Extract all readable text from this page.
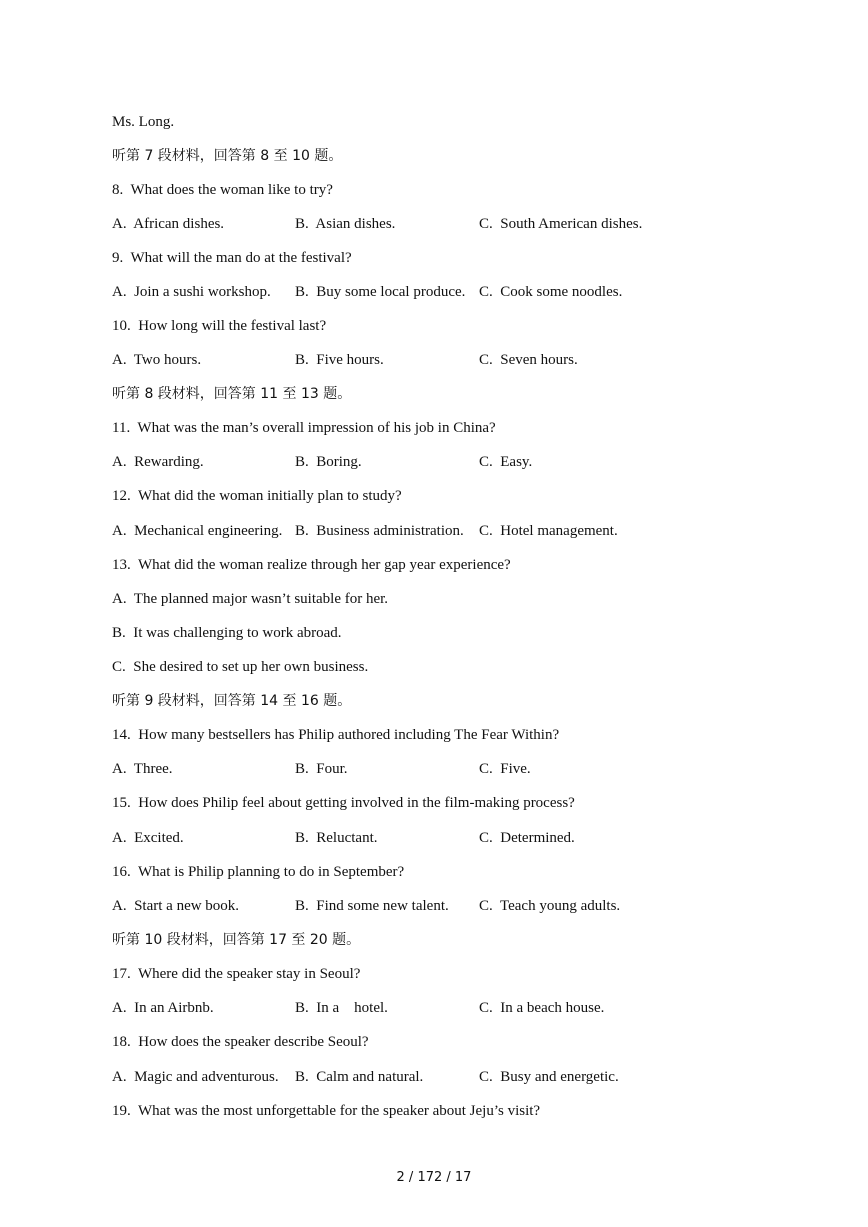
Ms. Long.
听第 7 段材料，回答第 8 至 10 题。
8.  What does the woman like to try?
A.  African dishes.	B.  Asian dishes.	C.  South American dishes.
9.  What will the man do at the festival?
A.  Join a sushi workshop. B.  Buy some local produce. C.  Cook some noodles.
10.  How long will the festival last?
A.  Two hours.	B.  Five hours.	C.  Seven hours.
听第 8 段材料，回答第 11 至 13 题。
11.  What was the man’s overall impression of his job in China?
A.  Rewarding.	B.  Boring.	C.  Easy.
12.  What did the woman initially plan to study?
A.  Mechanical engineering. B.  Business administration. C.  Hotel management.
13.  What did the woman realize through her gap year experience?
A.  The planned major wasn’t suitable for her.
B.  It was challenging to work abroad.
C.  She desired to set up her own business.
听第 9 段材料，回答第 14 至 16 题。
14.  How many bestsellers has Philip authored including The Fear Within?
A.  Three.	B.  Four.	C.  Five.
15.  How does Philip feel about getting involved in the film-making process?
A.  Excited.	B.  Reluctant.	C.  Determined.
16.  What is Philip planning to do in September?
A.  Start a new book.	B.  Find some new talent. C.  Teach young adults.
听第 10 段材料，回答第 17 至 20 题。
17.  Where did the speaker stay in Seoul?
A.  In an Airbnb.	B.  In a    hotel.	C.  In a beach house.
18.  How does the speaker describe Seoul?
A.  Magic and adventurous. B.  Calm and natural.	C.  Busy and energetic.
19.  What was the most unforgettable for the speaker about Jeju’s visit?
2 / 172 / 17
